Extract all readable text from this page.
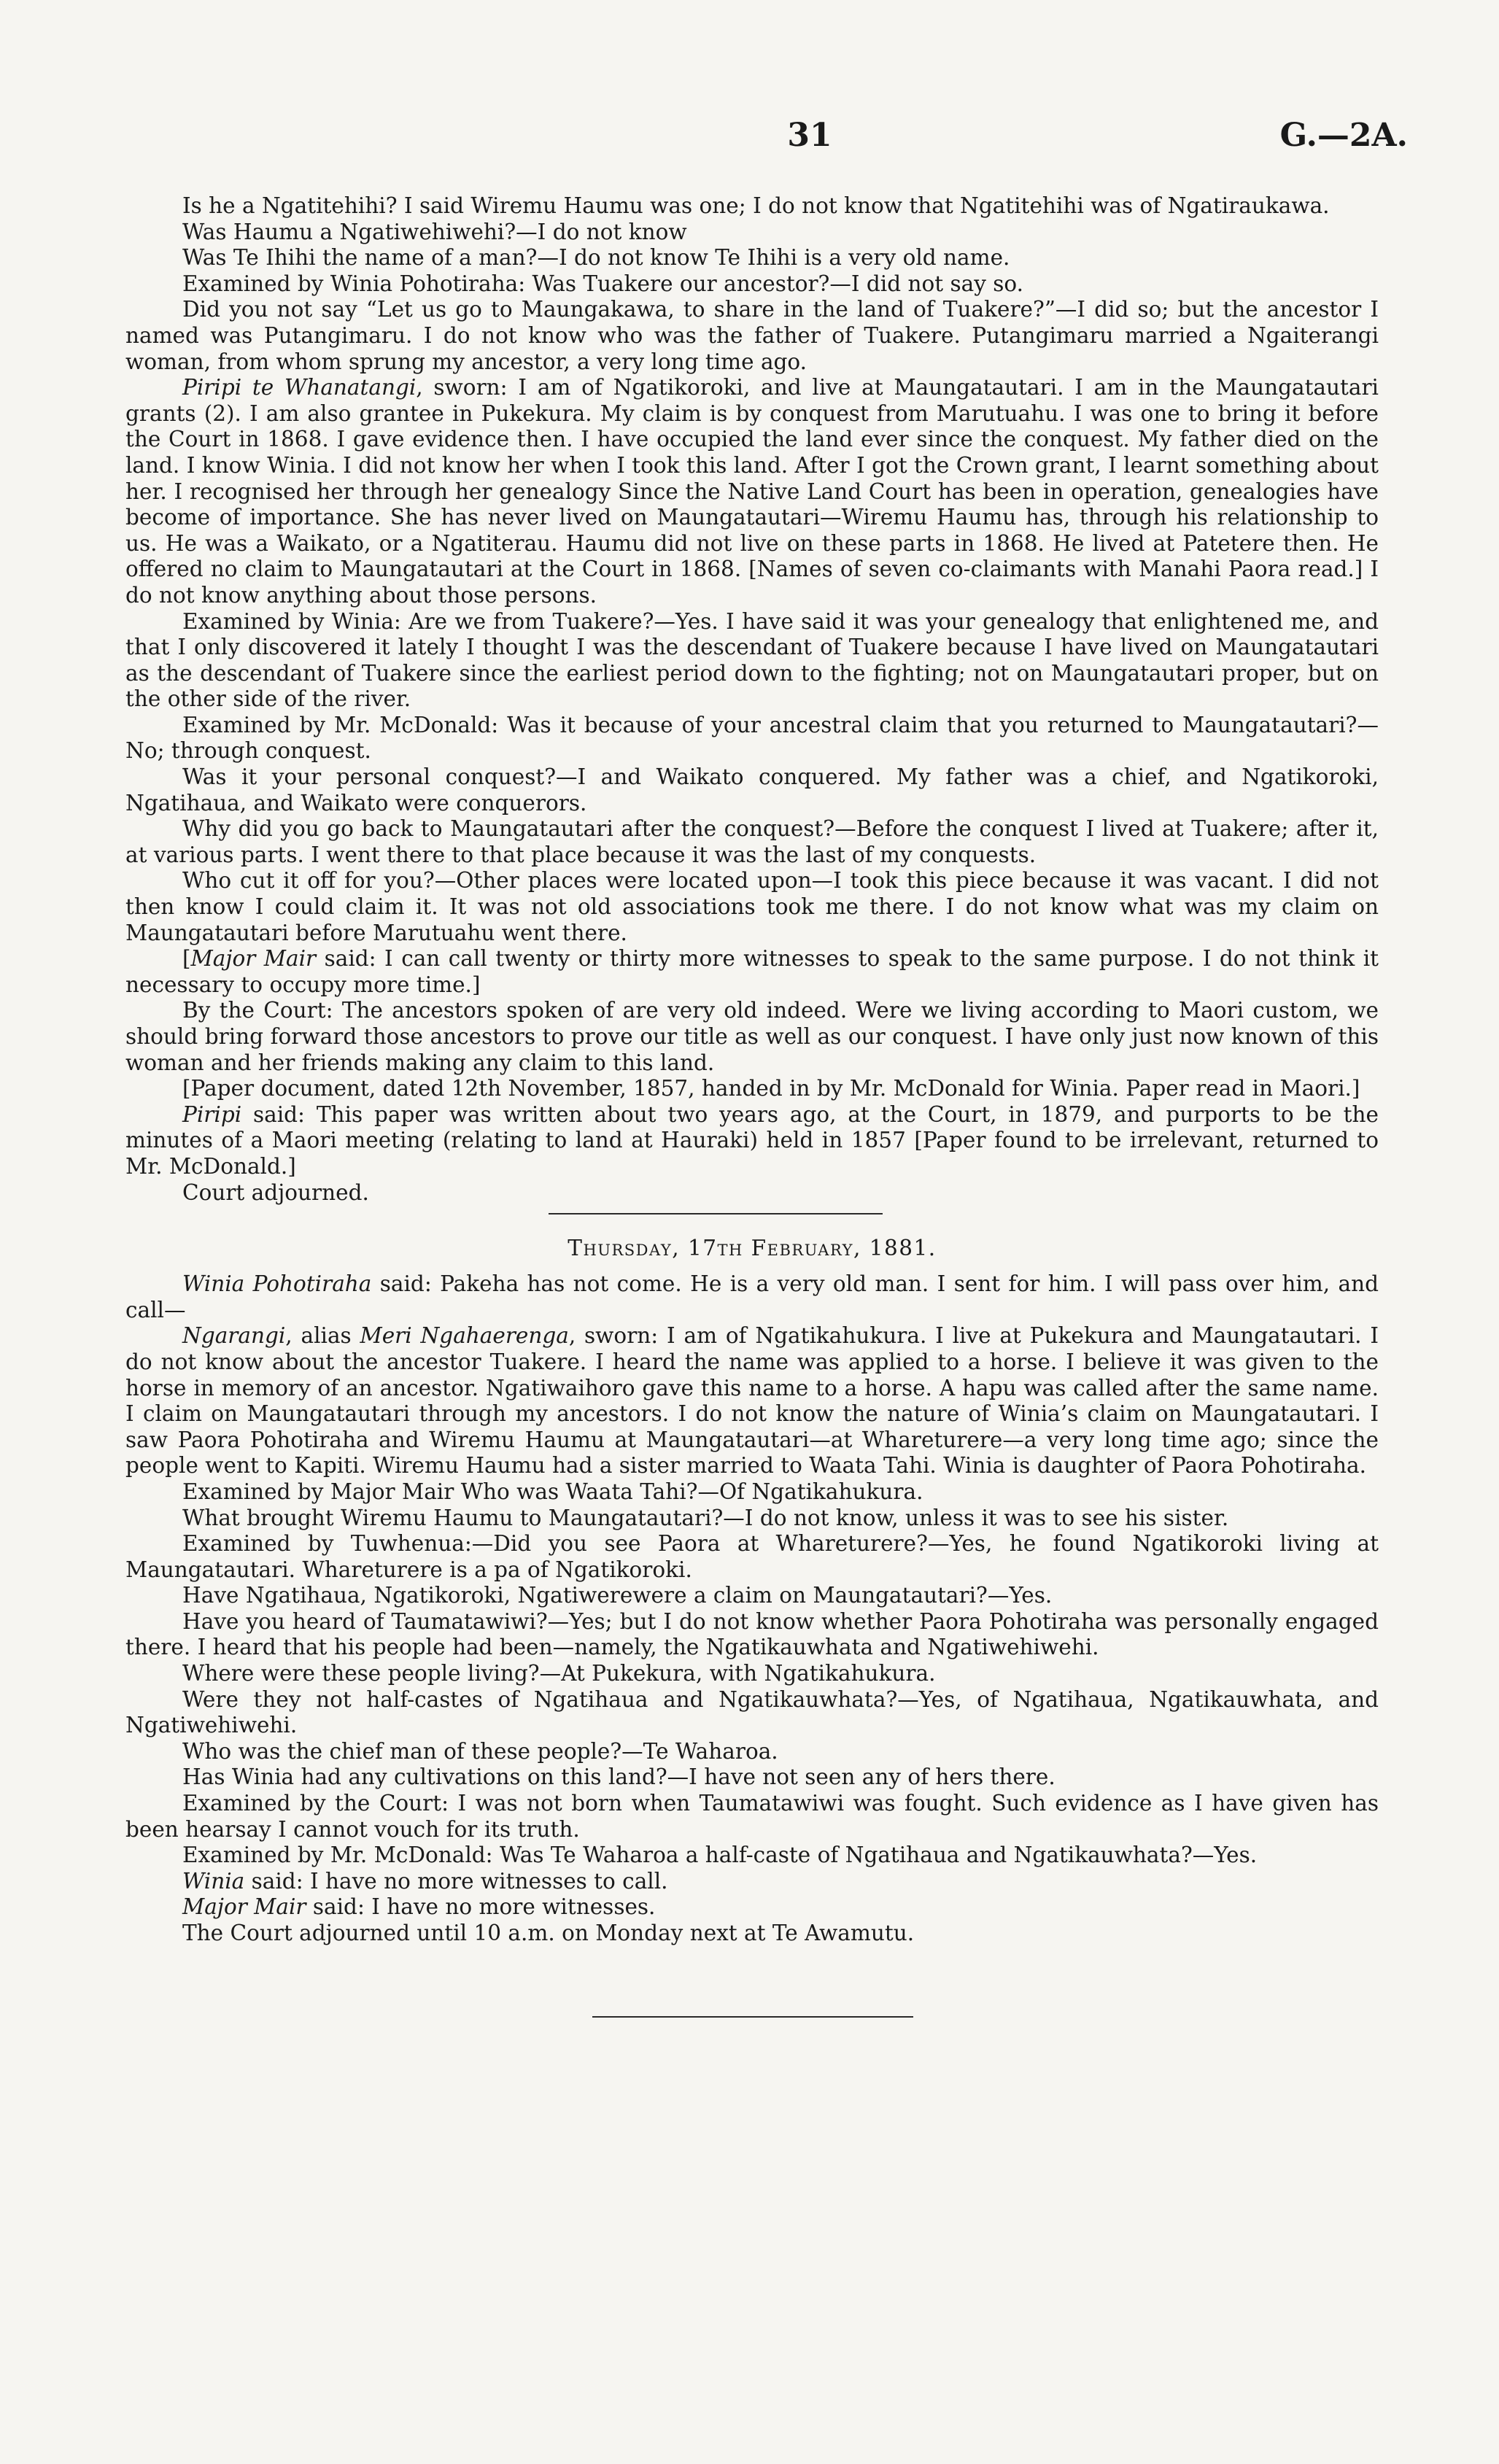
31	G.—2A.

Is he a Ngatitehihi? I said Wiremu Haumu was one; I do not know that Ngatitehihi was of Ngatiraukawa.

Was Haumu a Ngatiwehiwehi?—I do not know

Was Te Ihihi the name of a man?—I do not know Te Ihihi is a very old name.

Examined by Winia Pohotiraha: Was Tuakere our ancestor?—I did not say so.

Did you not say “Let us go to Maungakawa, to share in the land of Tuakere?”—I did so; but the ancestor I named was Putangimaru. I do not know who was the father of Tuakere. Putangimaru married a Ngaiterangi woman, from whom sprung my ancestor, a very long time ago.

Piripi te Whanatangi, sworn: I am of Ngatikoroki, and live at Maungatautari. I am in the Maungatautari grants (2). I am also grantee in Pukekura. My claim is by conquest from Marutuahu. I was one to bring it before the Court in 1868. I gave evidence then. I have occupied the land ever since the conquest. My father died on the land. I know Winia. I did not know her when I took this land. After I got the Crown grant, I learnt something about her. I recognised her through her genealogy Since the Native Land Court has been in operation, genealogies have become of importance. She has never lived on Maungatautari—Wiremu Haumu has, through his relationship to us. He was a Waikato, or a Ngatiterau. Haumu did not live on these parts in 1868. He lived at Patetere then. He offered no claim to Maungatautari at the Court in 1868. [Names of seven co-claimants with Manahi Paora read.] I do not know anything about those persons.

Examined by Winia: Are we from Tuakere?—Yes. I have said it was your genealogy that enlightened me, and that I only discovered it lately I thought I was the descendant of Tuakere because I have lived on Maungatautari as the descendant of Tuakere since the earliest period down to the fighting; not on Maungatautari proper, but on the other side of the river.

Examined by Mr. McDonald: Was it because of your ancestral claim that you returned to Maungatautari?—No; through conquest.

Was it your personal conquest?—I and Waikato conquered. My father was a chief, and Ngatikoroki, Ngatihaua, and Waikato were conquerors.

Why did you go back to Maungatautari after the conquest?—Before the conquest I lived at Tuakere; after it, at various parts. I went there to that place because it was the last of my conquests.

Who cut it off for you?—Other places were located upon—I took this piece because it was vacant. I did not then know I could claim it. It was not old associations took me there. I do not know what was my claim on Maungatautari before Marutuahu went there.

[Major Mair said: I can call twenty or thirty more witnesses to speak to the same purpose. I do not think it necessary to occupy more time.]

By the Court: The ancestors spoken of are very old indeed. Were we living according to Maori custom, we should bring forward those ancestors to prove our title as well as our conquest. I have only just now known of this woman and her friends making any claim to this land.

[Paper document, dated 12th November, 1857, handed in by Mr. McDonald for Winia. Paper read in Maori.]

Piripi said: This paper was written about two years ago, at the Court, in 1879, and purports to be the minutes of a Maori meeting (relating to land at Hauraki) held in 1857 [Paper found to be irrelevant, returned to Mr. McDonald.]

Court adjourned.

Thursday, 17th February, 1881.

Winia Pohotiraha said: Pakeha has not come. He is a very old man. I sent for him. I will pass over him, and call—

Ngarangi, alias Meri Ngahaerenga, sworn: I am of Ngatikahukura. I live at Pukekura and Maungatautari. I do not know about the ancestor Tuakere. I heard the name was applied to a horse. I believe it was given to the horse in memory of an ancestor. Ngatiwaihoro gave this name to a horse. A hapu was called after the same name. I claim on Maungatautari through my ancestors. I do not know the nature of Winia’s claim on Maungatautari. I saw Paora Pohotiraha and Wiremu Haumu at Maungatautari—at Whareturere—a very long time ago; since the people went to Kapiti. Wiremu Haumu had a sister married to Waata Tahi. Winia is daughter of Paora Pohotiraha.

Examined by Major Mair Who was Waata Tahi?—Of Ngatikahukura.

What brought Wiremu Haumu to Maungatautari?—I do not know, unless it was to see his sister.

Examined by Tuwhenua:—Did you see Paora at Whareturere?—Yes, he found Ngatikoroki living at Maungatautari. Whareturere is a pa of Ngatikoroki.

Have Ngatihaua, Ngatikoroki, Ngatiwerewere a claim on Maungatautari?—Yes.

Have you heard of Taumatawiwi?—Yes; but I do not know whether Paora Pohotiraha was personally engaged there. I heard that his people had been—namely, the Ngatikauwhata and Ngatiwehiwehi.

Where were these people living?—At Pukekura, with Ngatikahukura.

Were they not half-castes of Ngatihaua and Ngatikauwhata?—Yes, of Ngatihaua, Ngatikauwhata, and Ngatiwehiwehi.

Who was the chief man of these people?—Te Waharoa.

Has Winia had any cultivations on this land?—I have not seen any of hers there.

Examined by the Court: I was not born when Taumatawiwi was fought. Such evidence as I have given has been hearsay I cannot vouch for its truth.

Examined by Mr. McDonald: Was Te Waharoa a half-caste of Ngatihaua and Ngatikauwhata?—Yes.

Winia said: I have no more witnesses to call.

Major Mair said: I have no more witnesses.

The Court adjourned until 10 a.m. on Monday next at Te Awamutu.
